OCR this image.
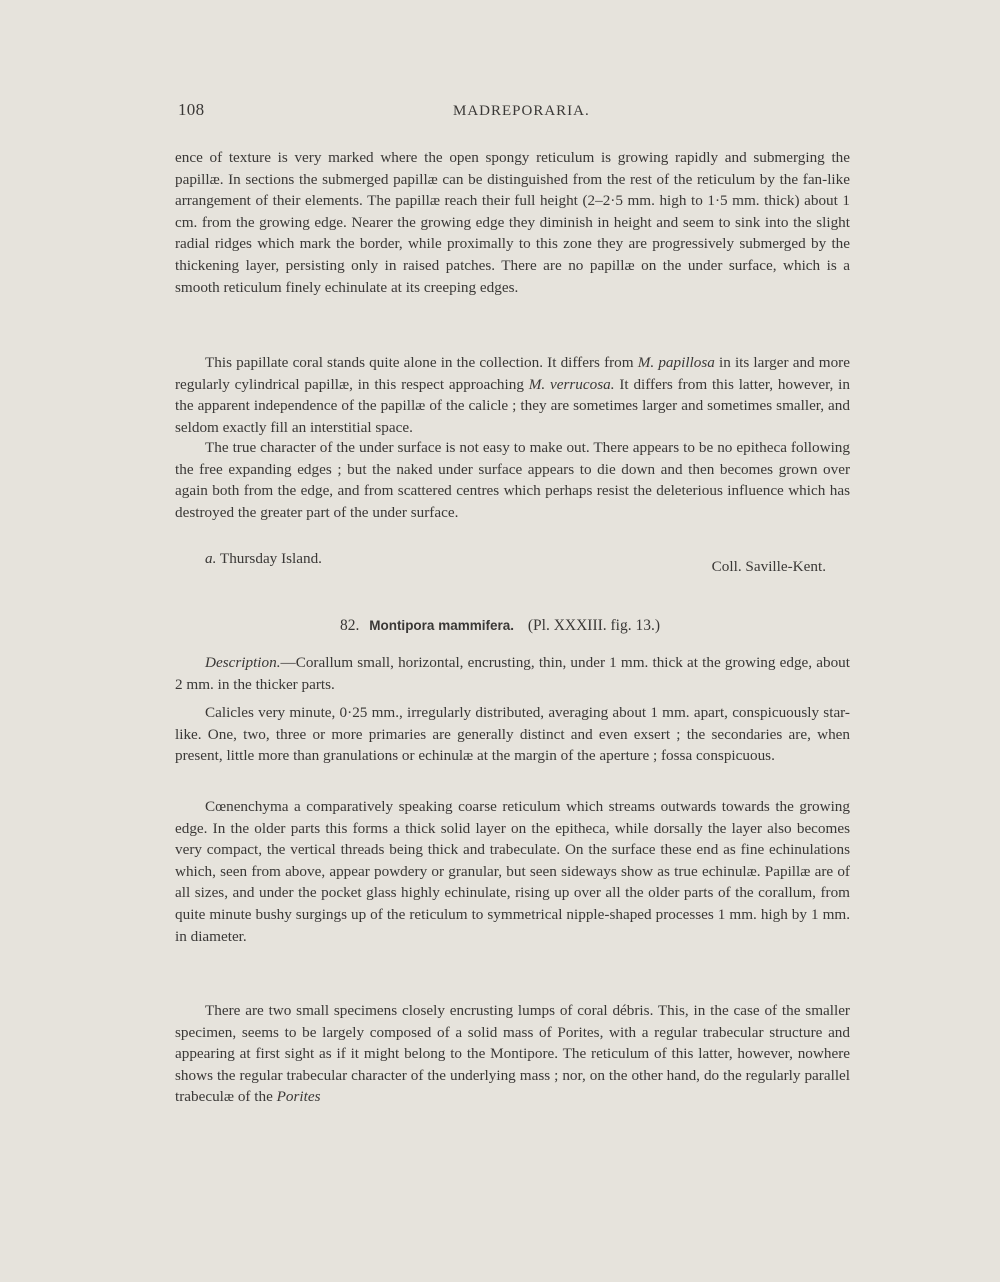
108	MADREPORARIA.

ence of texture is very marked where the open spongy reticulum is growing rapidly and submerging the papillæ. In sections the submerged papillæ can be distinguished from the rest of the reticulum by the fan-like arrangement of their elements. The papillæ reach their full height (2–2·5 mm. high to 1·5 mm. thick) about 1 cm. from the growing edge. Nearer the growing edge they diminish in height and seem to sink into the slight radial ridges which mark the border, while proximally to this zone they are progressively submerged by the thickening layer, persisting only in raised patches. There are no papillæ on the under surface, which is a smooth reticulum finely echinulate at its creeping edges.

This papillate coral stands quite alone in the collection. It differs from M. papillosa in its larger and more regularly cylindrical papillæ, in this respect approaching M. verrucosa. It differs from this latter, however, in the apparent independence of the papillæ of the calicle ; they are sometimes larger and sometimes smaller, and seldom exactly fill an interstitial space.

The true character of the under surface is not easy to make out. There appears to be no epitheca following the free expanding edges ; but the naked under surface appears to die down and then becomes grown over again both from the edge, and from scattered centres which perhaps resist the deleterious influence which has destroyed the greater part of the under surface.

a. Thursday Island.	Coll. Saville-Kent.
82. Montipora mammifera. (Pl. XXXIII. fig. 13.)

Description.—Corallum small, horizontal, encrusting, thin, under 1 mm. thick at the growing edge, about 2 mm. in the thicker parts.

Calicles very minute, 0·25 mm., irregularly distributed, averaging about 1 mm. apart, conspicuously star-like. One, two, three or more primaries are generally distinct and even exsert ; the secondaries are, when present, little more than granulations or echinulæ at the margin of the aperture ; fossa conspicuous.

Cœnenchyma a comparatively speaking coarse reticulum which streams outwards towards the growing edge. In the older parts this forms a thick solid layer on the epitheca, while dorsally the layer also becomes very compact, the vertical threads being thick and trabeculate. On the surface these end as fine echinulations which, seen from above, appear powdery or granular, but seen sideways show as true echinulæ. Papillæ are of all sizes, and under the pocket glass highly echinulate, rising up over all the older parts of the corallum, from quite minute bushy surgings up of the reticulum to symmetrical nipple-shaped processes 1 mm. high by 1 mm. in diameter.

There are two small specimens closely encrusting lumps of coral débris. This, in the case of the smaller specimen, seems to be largely composed of a solid mass of Porites, with a regular trabecular structure and appearing at first sight as if it might belong to the Montipore. The reticulum of this latter, however, nowhere shows the regular trabecular character of the underlying mass ; nor, on the other hand, do the regularly parallel trabeculæ of the Porites
